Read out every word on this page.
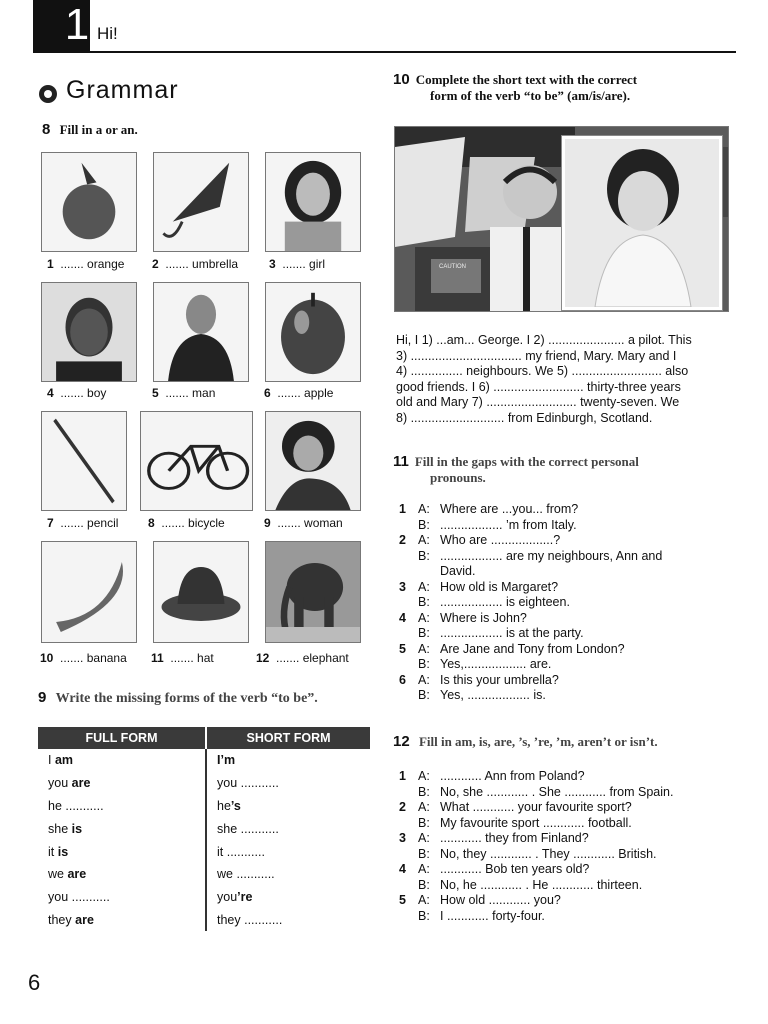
1 Hi!
Grammar
8 Fill in a or an.
1 ....... orange 2 ....... umbrella	3 ....... girl
4 ....... boy	5 ....... man	6 ....... apple
7 ....... pencil 8 ....... bicycle	9 ....... woman
10 ....... banana 11 ....... hat	12 ....... elephant
9 Write the missing forms of the verb “to be”.
FULL FORM	SHORT FORM
I am	I’m
you are	you ...........
he ...........	he’s
she is	she ...........
it is	it ...........
we are	we ...........
you ...........	you’re
they are	they ...........
10 Complete the short text with the correct
form of the verb “to be” (am/is/are).
CAUTION
Hi, I 1) ...am... George. I 2) ...................... a pilot. This
3) ................................ my friend, Mary. Mary and I
4) ............... neighbours. We 5) .......................... also
good friends. I 6) .......................... thirty-three years
old and Mary 7) .......................... twenty-seven. We
8) ........................... from Edinburgh, Scotland.
11 Fill in the gaps with the correct personal
pronouns.
1 A: Where are ...you... from?
B: .................. ’m from Italy.
2 A: Who are ..................?
B: .................. are my neighbours, Ann and
David.
3 A: How old is Margaret?
B: .................. is eighteen.
4 A: Where is John?
B: .................. is at the party.
5 A: Are Jane and Tony from London?
B: Yes,.................. are.
6 A: Is this your umbrella?
B: Yes, .................. is.
12 Fill in am, is, are, ’s, ’re, ’m, aren’t or isn’t.
1 A: ............ Ann from Poland?
B: No, she ............ . She ............ from Spain.
2 A: What ............ your favourite sport?
B: My favourite sport ............ football.
3 A: ............ they from Finland?
B: No, they ............ . They ............ British.
4 A: ............ Bob ten years old?
B: No, he ............ . He ............ thirteen.
5 A: How old ............ you?
B: I ............ forty-four.
6
